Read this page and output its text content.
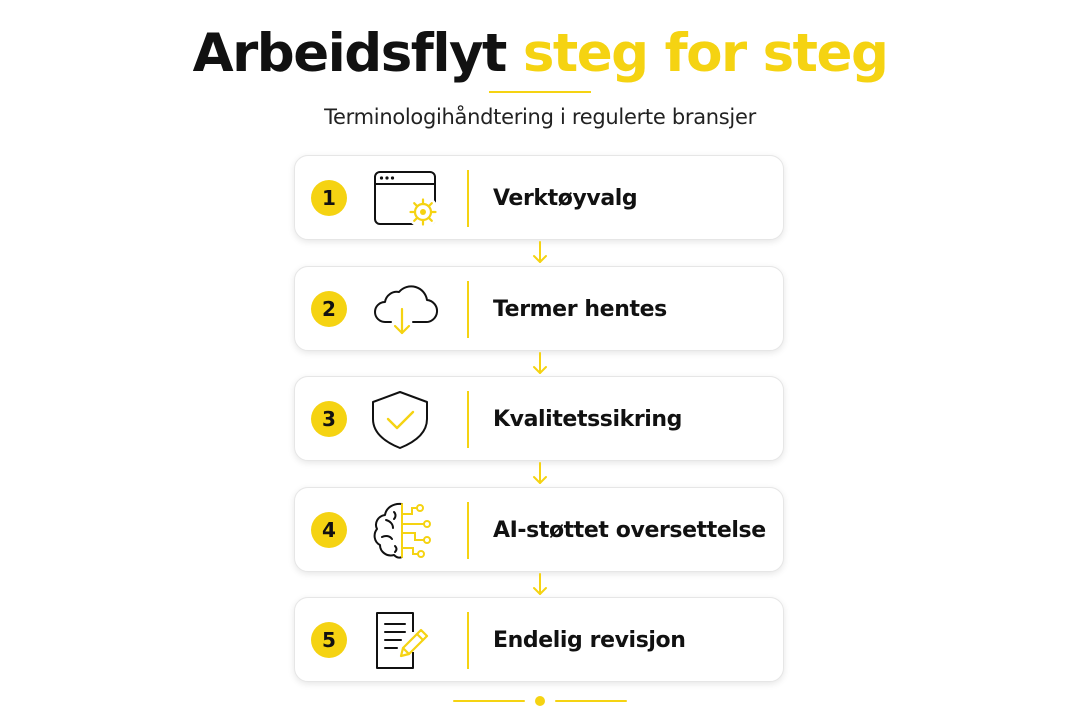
Arbeidsflyt steg for steg
Terminologihåndtering i regulerte bransjer
1	Verktøyvalg
2	Termer hentes
3	Kvalitetssikring
4	AI-støttet oversettelse
5	Endelig revisjon
